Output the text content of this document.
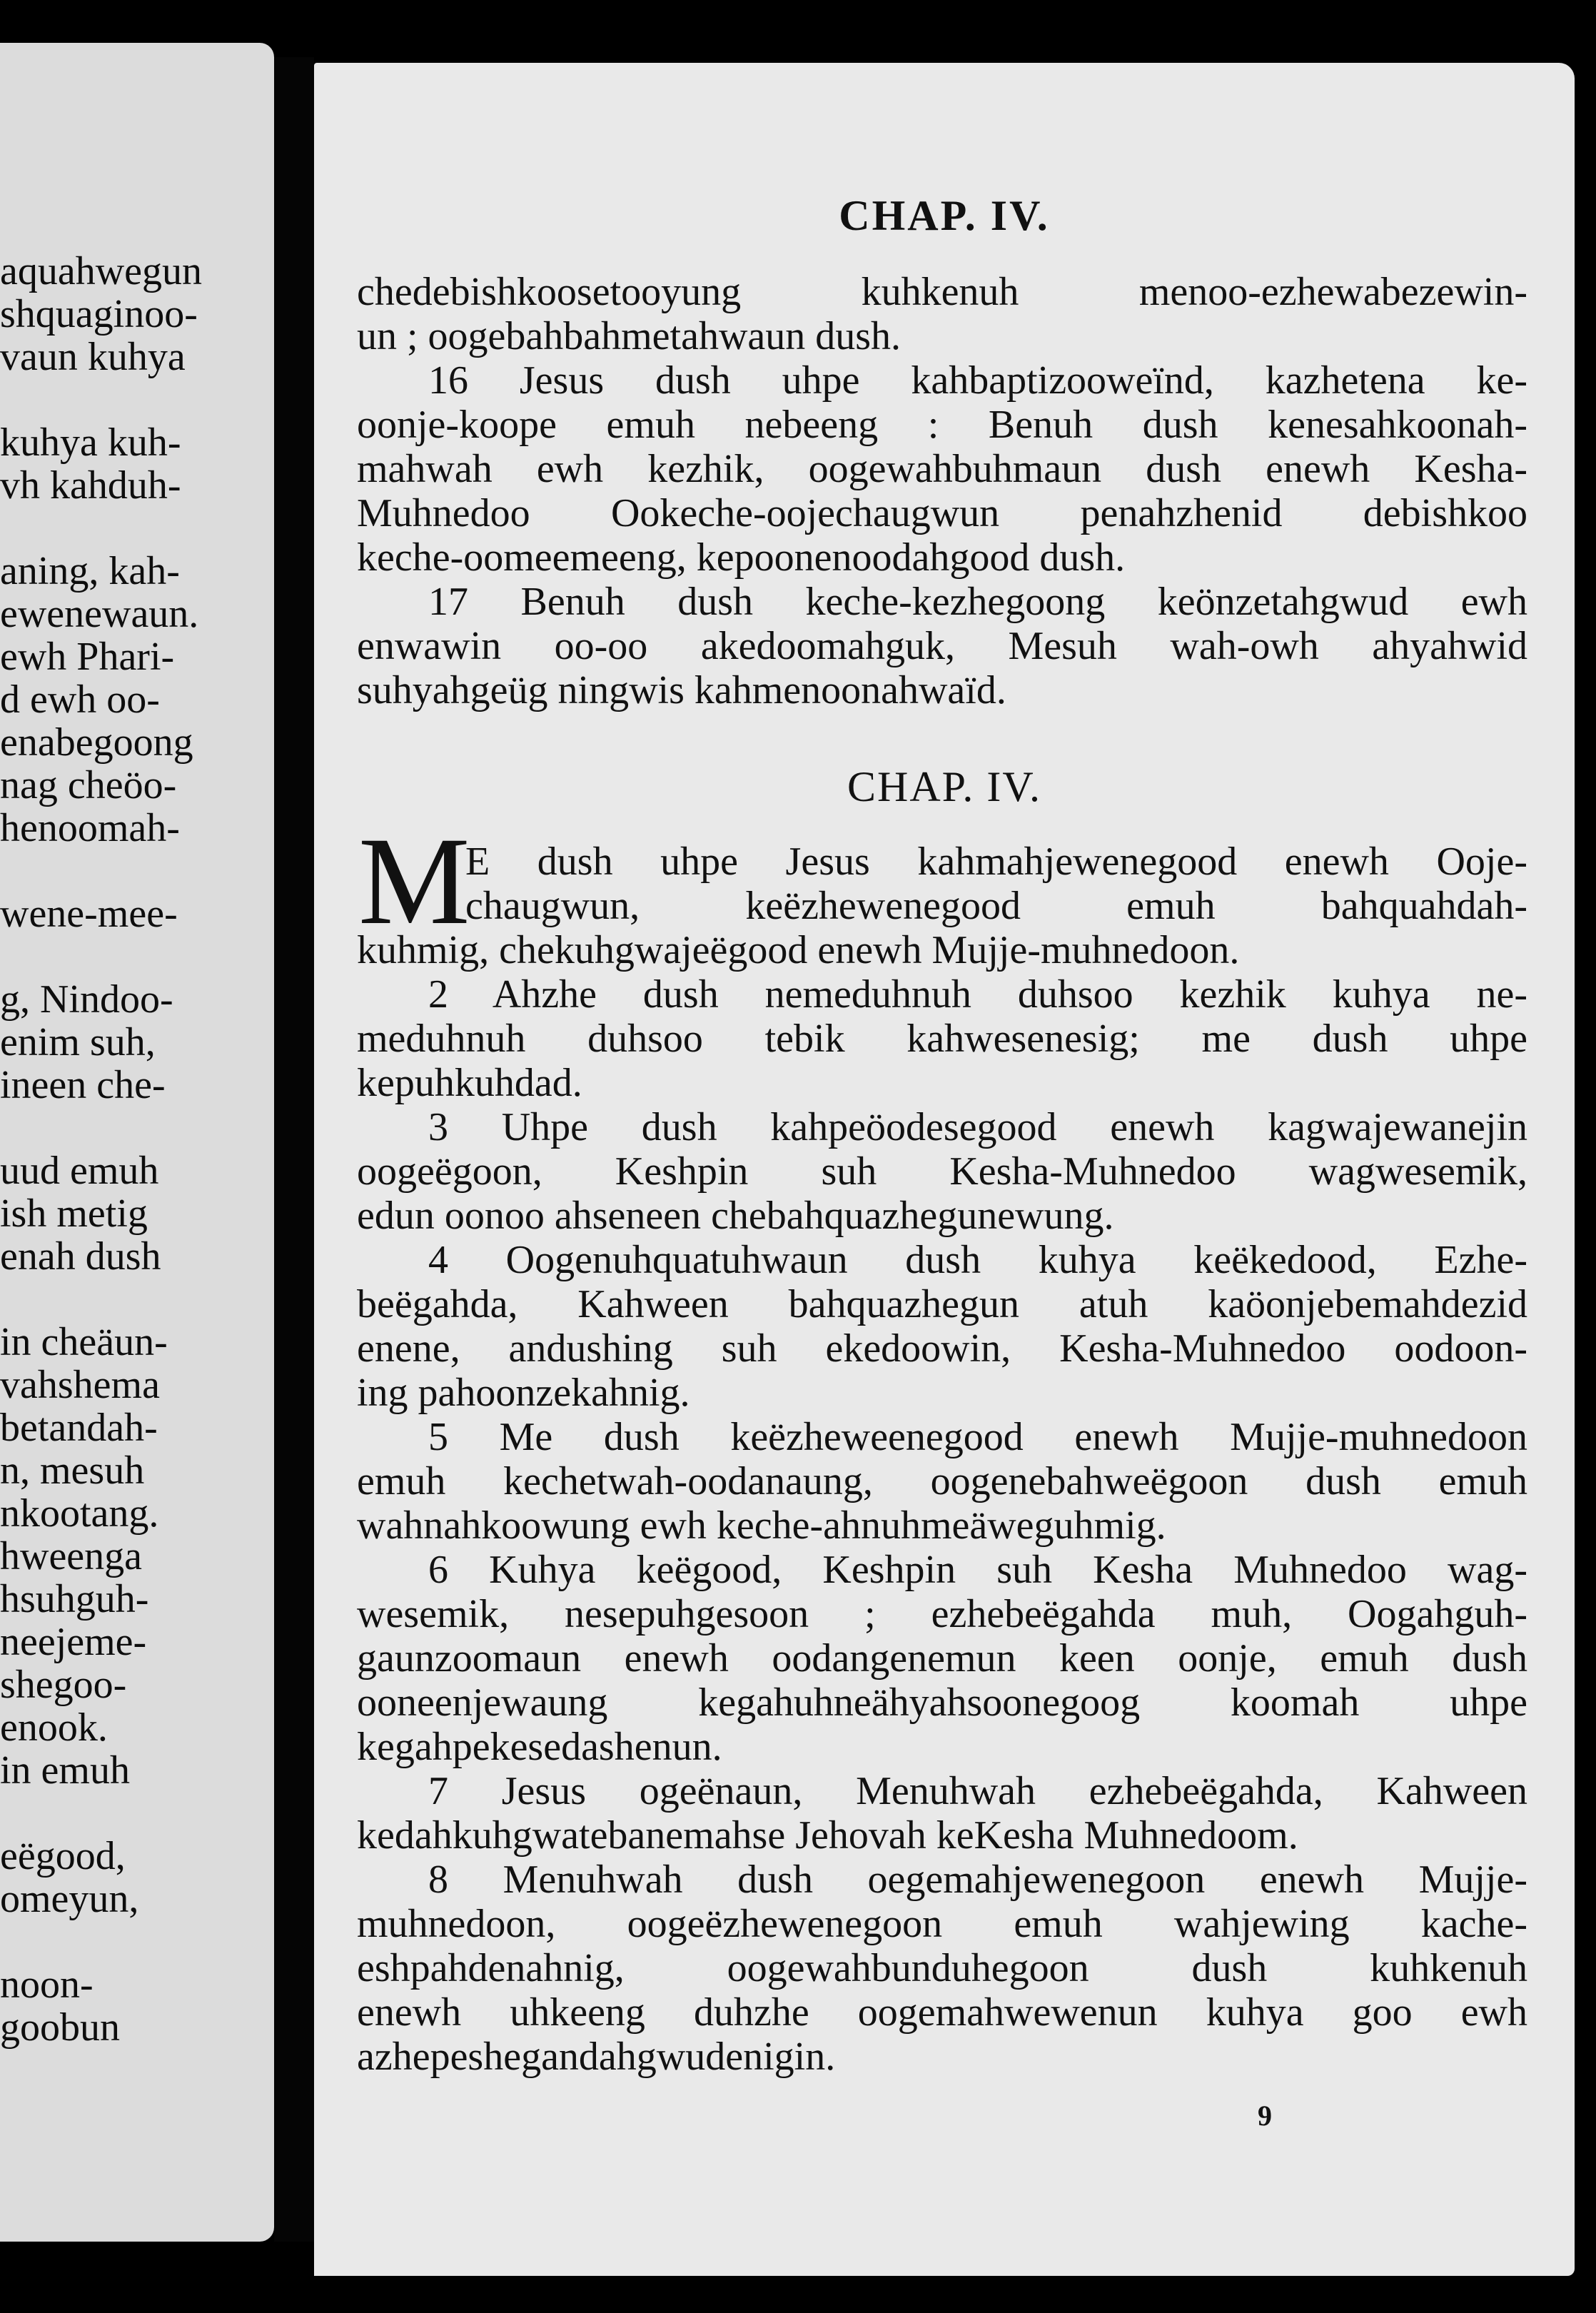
aquahwegun
shquaginoo-
vaun kuhya
kuhya kuh-
vh kahduh-
aning, kah-
ewenewaun.
ewh Phari-
d ewh oo-
enabegoong
nag cheöo-
henoomah-
wene-mee-
g, Nindoo-
enim suh,
ineen che-
uud emuh
ish metig
enah dush
in cheäun-
vahshema
betandah-
n, mesuh
nkootang.
hweenga
hsuhguh-
neejeme-
shegoo-
enook.
in emuh
eëgood,
omeyun,
noon-
goobun
CHAP. IV.
CHAP. IV.
M
9
chedebishkoosetooyung kuhkenuh menoo-ezhewabezewin-
un ; oogebahbahmetahwaun dush.
16 Jesus dush uhpe kahbaptizooweïnd, kazhetena ke-
oonje-koope emuh nebeeng : Benuh dush kenesahkoonah-
mahwah ewh kezhik, oogewahbuhmaun dush enewh Kesha-
Muhnedoo Ookeche-oojechaugwun penahzhenid debishkoo
keche-oomeemeeng, kepoonenoodahgood dush.
17 Benuh dush keche-kezhegoong keönzetahgwud ewh
enwawin oo-oo akedoomahguk, Mesuh wah-owh ahyahwid
suhyahgeüg ningwis kahmenoonahwaïd.
E dush uhpe Jesus kahmahjewenegood enewh Ooje-
chaugwun, keëzhewenegood emuh bahquahdah-
kuhmig, chekuhgwajeëgood enewh Mujje-muhnedoon.
2 Ahzhe dush nemeduhnuh duhsoo kezhik kuhya ne-
meduhnuh duhsoo tebik kahwesenesig; me dush uhpe
kepuhkuhdad.
3 Uhpe dush kahpeöodesegood enewh kagwajewanejin
oogeëgoon, Keshpin suh Kesha-Muhnedoo wagwesemik,
edun oonoo ahseneen chebahquazhegunewung.
4 Oogenuhquatuhwaun dush kuhya keëkedood, Ezhe-
beëgahda, Kahween bahquazhegun atuh kaöonjebemahdezid
enene, andushing suh ekedoowin, Kesha-Muhnedoo oodoon-
ing pahoonzekahnig.
5 Me dush keëzheweenegood enewh Mujje-muhnedoon
emuh kechetwah-oodanaung, oogenebahweëgoon dush emuh
wahnahkoowung ewh keche-ahnuhmeäweguhmig.
6 Kuhya keëgood, Keshpin suh Kesha Muhnedoo wag-
wesemik, nesepuhgesoon ; ezhebeëgahda muh, Oogahguh-
gaunzoomaun enewh oodangenemun keen oonje, emuh dush
ooneenjewaung kegahuhneähyahsoonegoog koomah uhpe
kegahpekesedashenun.
7 Jesus ogeënaun, Menuhwah ezhebeëgahda, Kahween
kedahkuhgwatebanemahse Jehovah keKesha Muhnedoom.
8 Menuhwah dush oegemahjewenegoon enewh Mujje-
muhnedoon, oogeëzhewenegoon emuh wahjewing kache-
eshpahdenahnig, oogewahbunduhegoon dush kuhkenuh
enewh uhkeeng duhzhe oogemahwewenun kuhya goo ewh
azhepeshegandahgwudenigin.
